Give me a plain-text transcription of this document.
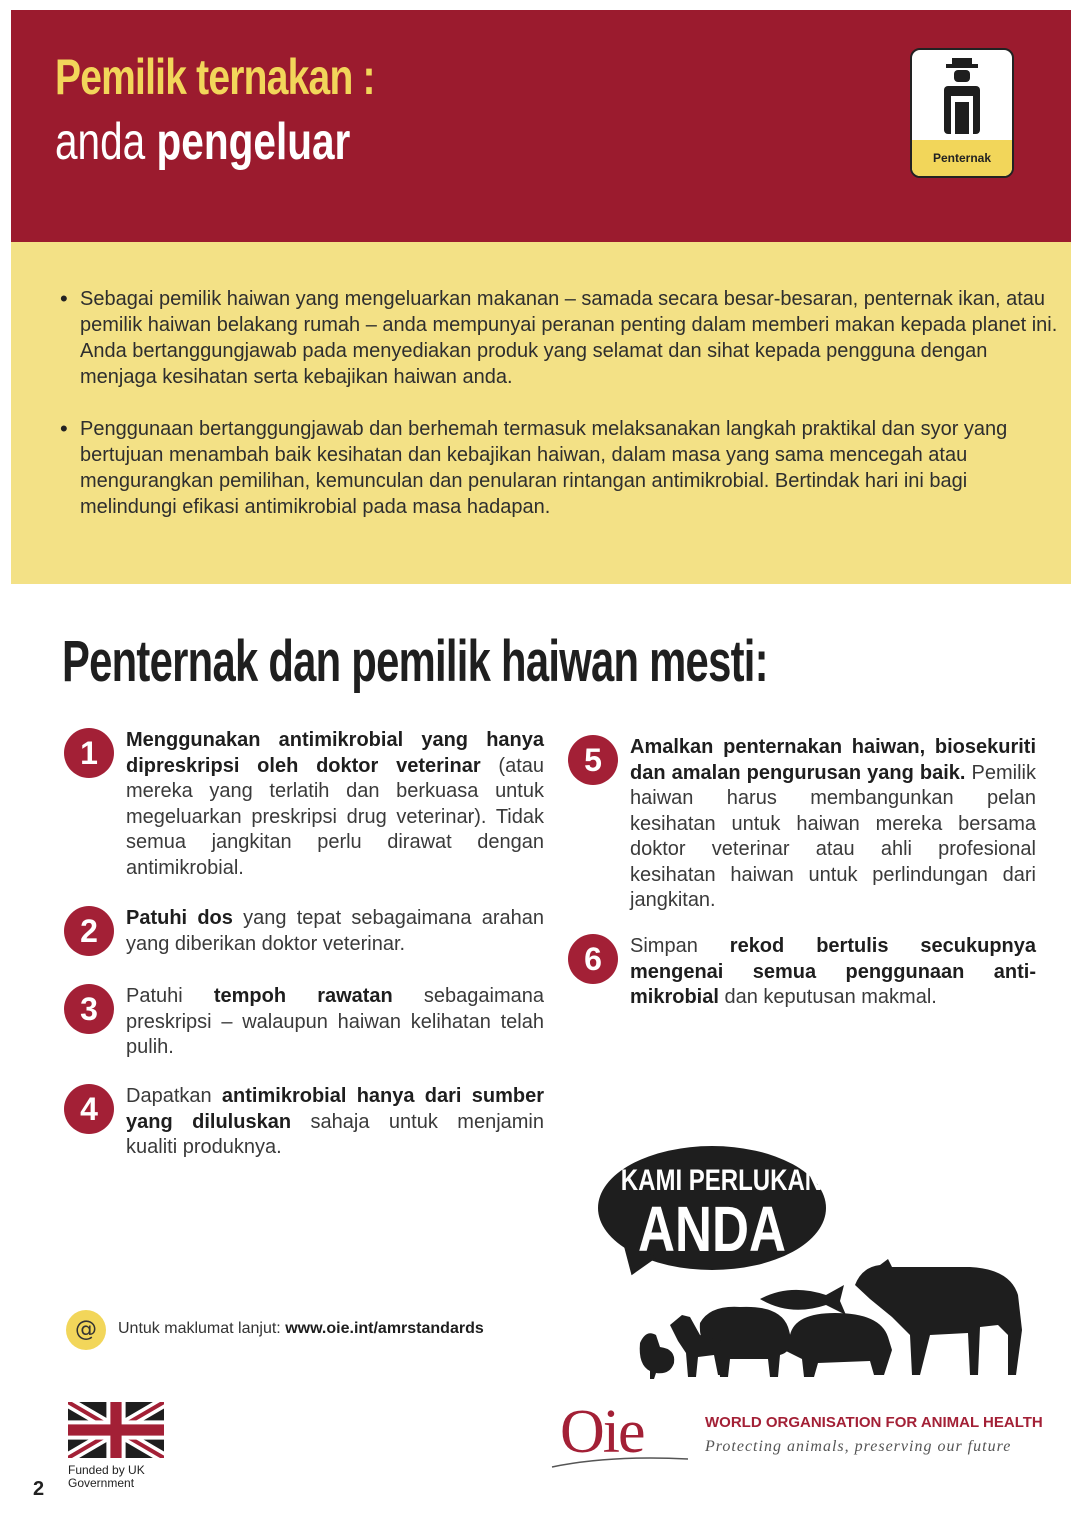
Pemilik ternakan :
anda pengeluar	Penternak

• Sebagai pemilik haiwan yang mengeluarkan makanan – samada secara besar-besaran, penternak ikan, atau pemilik haiwan belakang rumah – anda mempunyai peranan penting dalam memberi makan kepada planet ini. Anda bertanggungjawab pada menyediakan produk yang selamat dan sihat kepada pengguna dengan menjaga kesihatan serta kebajikan haiwan anda.

• Penggunaan bertanggungjawab dan berhemah termasuk melaksanakan langkah praktikal dan syor yang bertujuan menambah baik kesihatan dan kebajikan haiwan, dalam masa yang sama mencegah atau mengurangkan pemilihan, kemunculan dan penularan rintangan antimikrobial. Bertindak hari ini bagi melindungi efikasi antimikrobial pada masa hadapan.

Penternak dan pemilik haiwan mesti:
1	Menggunakan antimikrobial yang hanya dipreskripsi oleh doktor veterinar (atau mereka yang terlatih dan berkuasa untuk megeluarkan preskripsi drug veterinar). Tidak semua jangkitan perlu dirawat dengan antimikrobial.

2	Patuhi dos yang tepat sebagaimana arahan yang diberikan doktor veterinar.

3	Patuhi tempoh rawatan sebagaimana preskripsi – walaupun haiwan kelihatan telah pulih.

4	Dapatkan antimikrobial hanya dari sumber yang diluluskan sahaja untuk menjamin kualiti produknya.

5	Amalkan penternakan haiwan, biosekuriti dan amalan pengurusan yang baik. Pemilik haiwan harus membangunkan pelan kesihatan untuk haiwan mereka bersama doktor veterinar atau ahli profesional kesihatan haiwan untuk perlindungan dari jangkitan.

6	Simpan rekod bertulis secukupnya mengenai semua penggunaan antimikrobial dan keputusan makmal.

@	Untuk maklumat lanjut: www.oie.int/amrstandards
KAMI PERLUKAN
ANDA
Funded by UK Government
2
Oie	WORLD ORGANISATION FOR ANIMAL HEALTH
Protecting animals, preserving our future
